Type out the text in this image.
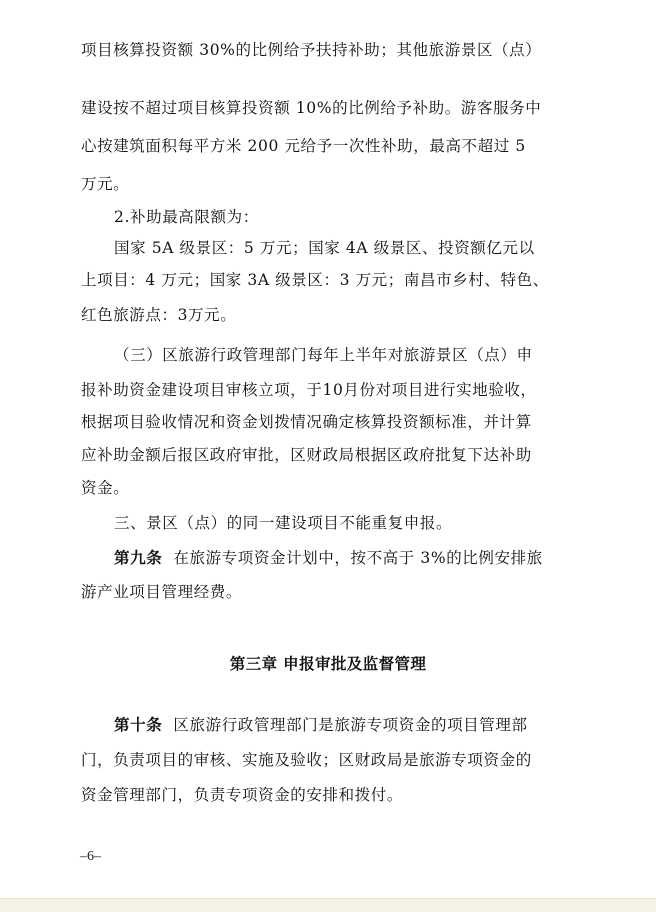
项目核算投资额 30%的比例给予扶持补助；其他旅游景区（点）
建设按不超过项目核算投资额 10%的比例给予补助。游客服务中
心按建筑面积每平方米 200 元给予一次性补助，最高不超过 5
万元。
2.补助最高限额为：
国家 5A 级景区：5 万元；国家 4A 级景区、投资额亿元以
上项目：4 万元；国家 3A 级景区：3 万元；南昌市乡村、特色、
红色旅游点：3万元。
（三）区旅游行政管理部门每年上半年对旅游景区（点）申
报补助资金建设项目审核立项，于10月份对项目进行实地验收，
根据项目验收情况和资金划拨情况确定核算投资额标准，并计算
应补助金额后报区政府审批，区财政局根据区政府批复下达补助
资金。
三、景区（点）的同一建设项目不能重复申报。
第九条 在旅游专项资金计划中，按不高于 3%的比例安排旅
游产业项目管理经费。
第三章 申报审批及监督管理
第十条 区旅游行政管理部门是旅游专项资金的项目管理部
门，负责项目的审核、实施及验收；区财政局是旅游专项资金的
资金管理部门，负责专项资金的安排和拨付。
–6–
